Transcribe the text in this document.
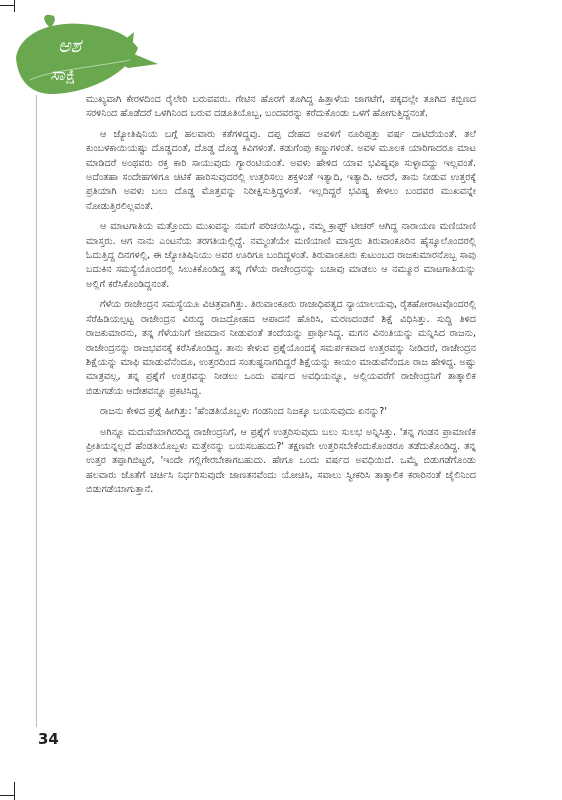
ಅಶ
ಸಾಕ್ಷಿ

ಮುಖ್ಯವಾಗಿ ಕೇರಳದಿಂದ ರೈಲೇರಿ ಬರುವವರು. ಗೇಟಿನ ಹೊರಗೆ ತೂಗಿದ್ದ ಹಿತ್ತಾಳೆಯ ಜಾಗಟೆಗೆ, ಪಕ್ಕದಲ್ಲೇ ತೂಗಿದ ಕಬ್ಬಿಣದ ಸರಳಿನಿಂದ ಹೊಡೆದರೆ ಒಳಗಿನಿಂದ ಬರುವ ದಡೂತಿಯೊಬ್ಬ, ಬಂದವರನ್ನು ಕರೆದುಕೊಂಡು ಒಳಗೆ ಹೋಗುತ್ತಿದ್ದನಂತೆ.

ಆ ಜ್ಯೋತಿಷಿನಿಯ ಬಗ್ಗೆ ಹಲವಾರು ಕತೆಗಳಿದ್ದವು. ದಪ್ಪ ದೇಹದ ಅವಳಿಗೆ ನೂರಿಪ್ಪತ್ತು ವರ್ಷ ದಾಟಿದೆಯಂತೆ. ತಲೆ ಕುಂಬಳಕಾಯಿಯಷ್ಟು ದೊಡ್ಡದಂತೆ, ದೊಡ್ಡ ದೊಡ್ಡ ಕಿವಿಗಳಂತೆ. ಕಡುಗೆಂಪು ಕಣ್ಣುಗಳಂತೆ. ಅವಳ ಮೂಲಕ ಯಾರಿಗಾದರೂ ಮಾಟ ಮಾಡಿದರೆ ಅಂಥವರು ರಕ್ತ ಕಾರಿ ಸಾಯುವುದು ಗ್ಯಾರಂಟಿಯಂತೆ. ಅವಳು ಹೇಳಿದ ಯಾವ ಭವಿಷ್ಯವೂ ಸುಳ್ಳಾದದ್ದು ಇಲ್ಲವಂತೆ. ಅದೆಂತಹಾ ಸಂದೇಹಗಳಿಗೂ ಚಿಟಿಕೆ ಹಾರಿಸುವುದರಲ್ಲಿ ಉತ್ತರಿಸಲು ಶಕ್ತಳಂತೆ ಇತ್ಯಾದಿ, ಇತ್ಯಾದಿ. ಆದರೆ, ತಾನು ನೀಡುವ ಉತ್ತರಕ್ಕೆ ಪ್ರತಿಯಾಗಿ ಅವಳು ಬಲು ದೊಡ್ಡ ಮೊತ್ತವನ್ನು ನಿರೀಕ್ಷಿಸುತ್ತಿದ್ದಳಂತೆ. ಇಲ್ಲದಿದ್ದರೆ ಭವಿಷ್ಯ ಕೇಳಲು ಬಂದವರ ಮುಖವನ್ನೇ ನೋಡುತ್ತಿರಲಿಲ್ಲವಂತೆ.

ಆ ಮಾಟಗಾತಿಯ ಮತ್ತೊಂದು ಮುಖವನ್ನು ನಮಗೆ ಪರಿಚಯಿಸಿದ್ದು, ನಮ್ಮ ಕ್ರಾಫ್ಟ್ ಟೀಚರ್ ಆಗಿದ್ದ ನಾರಾಯಣ ಮಣಿಯಾಣಿ ಮಾಸ್ತರು. ಆಗ ನಾನು ಎಂಟನೆಯ ತರಗತಿಯಲ್ಲಿದ್ದೆ. ನಮ್ಮಂತೆಯೇ ಮಣಿಯಾಣಿ ಮಾಸ್ತರು ತಿರುವಾಂಕೂರಿನ ಹೈಸ್ಕೂಲೊಂದರಲ್ಲಿ ಓದುತ್ತಿದ್ದ ದಿನಗಳಲ್ಲಿ, ಈ ಜ್ಯೋತಿಷಿನಿಯು ಅವರ ಊರಿಗೂ ಬಂದಿದ್ದಳಂತೆ. ತಿರುವಾಂಕೂರು ಕುಟುಂಬದ ರಾಜಕುಮಾರನೊಬ್ಬ ಸಾವು ಬದುಕಿನ ಸಮಸ್ಯೆಯೊಂದರಲ್ಲಿ ಸಿಲುಕಿಕೊಂಡಿದ್ದ ತನ್ನ ಗೆಳೆಯ ರಾಜೇಂದ್ರನನ್ನು ಬಚಾವು ಮಾಡಲು ಆ ನಮ್ಮೂರ ಮಾಟಗಾತಿಯನ್ನು ಅಲ್ಲಿಗೆ ಕರೆಸಿಕೊಂಡಿದ್ದನಂತೆ.

ಗೆಳೆಯ ರಾಜೇಂದ್ರನ ಸಮಸ್ಯೆಯೂ ವಿಚಿತ್ರವಾಗಿತ್ತು. ತಿರುವಾಂಕೂರು ರಾಜಾಧಿಪತ್ಯದ ನ್ಯಾಯಾಲಯವು, ರೈತಹೋರಾಟವೊಂದರಲ್ಲಿ ಸೆರೆಹಿಡಿಯಲ್ಪಟ್ಟ ರಾಜೇಂದ್ರನ ವಿರುದ್ಧ ರಾಜದ್ರೋಹದ ಆಪಾದನೆ ಹೊರಿಸಿ, ಮರಣದಂಡನೆ ಶಿಕ್ಷೆ ವಿಧಿಸಿತ್ತು. ಸುದ್ದಿ ತಿಳಿದ ರಾಜಕುಮಾರನು, ತನ್ನ ಗೆಳೆಯನಿಗೆ ಜೀವದಾನ ನೀಡುವಂತೆ ತಂದೆಯನ್ನು ಪ್ರಾರ್ಥಿಸಿದ್ದ. ಮಗನ ವಿನಂತಿಯನ್ನು ಮನ್ನಿಸಿದ ರಾಜನು, ರಾಜೇಂದ್ರನನ್ನು ರಾಜಭವನಕ್ಕೆ ಕರೆಸಿಕೊಂಡಿದ್ದ. ತಾನು ಕೇಳುವ ಪ್ರಶ್ನೆಯೊಂದಕ್ಕೆ ಸಮರ್ಪಕವಾದ ಉತ್ತರವನ್ನು ನೀಡಿದರೆ, ರಾಜೇಂದ್ರನ ಶಿಕ್ಷೆಯನ್ನು ಮಾಫಿ ಮಾಡುವೆನೆಂದೂ, ಉತ್ತರದಿಂದ ಸಂತುಷ್ಟನಾಗದಿದ್ದರೆ ಶಿಕ್ಷೆಯನ್ನು ಕಾಯಂ ಮಾಡುವೆನೆಂದೂ ರಾಜ ಹೇಳಿದ್ದ. ಅಷ್ಟು ಮಾತ್ರವಲ್ಲ, ತನ್ನ ಪ್ರಶ್ನೆಗೆ ಉತ್ತರವನ್ನು ನೀಡಲು ಒಂದು ವರ್ಷದ ಅವಧಿಯನ್ನೂ, ಅಲ್ಲಿಯವರೆಗೆ ರಾಜೇಂದ್ರನಿಗೆ ತಾತ್ಕಾಲಿಕ ಬಿಡುಗಡೆಯ ಆದೇಶವನ್ನೂ ಪ್ರಕಟಿಸಿದ್ದ.

ರಾಜನು ಕೇಳಿದ ಪ್ರಶ್ನೆ ಹೀಗಿತ್ತು: 'ಹೆಂಡತಿಯೊಬ್ಬಳು ಗಂಡನಿಂದ ನಿಜಕ್ಕೂ ಬಯಸುವುದು ಏನನ್ನು?'

ಅಗಿನ್ನೂ ಮದುವೆಯಾಗಿರದಿದ್ದ ರಾಜೇಂದ್ರನಿಗೆ, ಆ ಪ್ರಶ್ನೆಗೆ ಉತ್ತರಿಸುವುದು ಬಲು ಸುಲಭ ಅನ್ನಿಸಿತ್ತು. 'ತನ್ನ ಗಂಡನ ಪ್ರಾಮಾಣಿಕ ಪ್ರೀತಿಯನ್ನಲ್ಲದೆ ಹೆಂಡತಿಯೊಬ್ಬಳು ಮತ್ತೇನನ್ನು ಬಯಸಬಹುದು?' ತಕ್ಷಣವೇ ಉತ್ತರಿಸಬೇಕೆಂದುಕೊಂಡರೂ ತಡೆದುಕೊಂಡಿದ್ದ. ತನ್ನ ಉತ್ತರ ತಪ್ಪಾಗಿಬಿಟ್ಟರೆ, 'ಇಂದೇ ಗಲ್ಲಿಗೇರಬೇಕಾಗಬಹುದು. ಹೇಗೂ ಒಂದು ವರ್ಷದ ಅವಧಿಯಿದೆ. ಒಮ್ಮೆ ಬಿಡುಗಡೆಗೊಂಡು ಹಲವಾರು ಜೊತೆಗೆ ಚರ್ಚಿಸಿ ನಿರ್ಧರಿಸುವುದೇ ಜಾಣತನವೆಂದು ಯೋಚಿಸಿ, ಸವಾಲು ಸ್ವೀಕರಿಸಿ ತಾತ್ಕಾಲಿಕ ಕರಾರಿನಂತೆ ಜೈಲಿನಿಂದ ಬಿಡುಗಡೆಯಾಗುತ್ತಾನೆ.

34
